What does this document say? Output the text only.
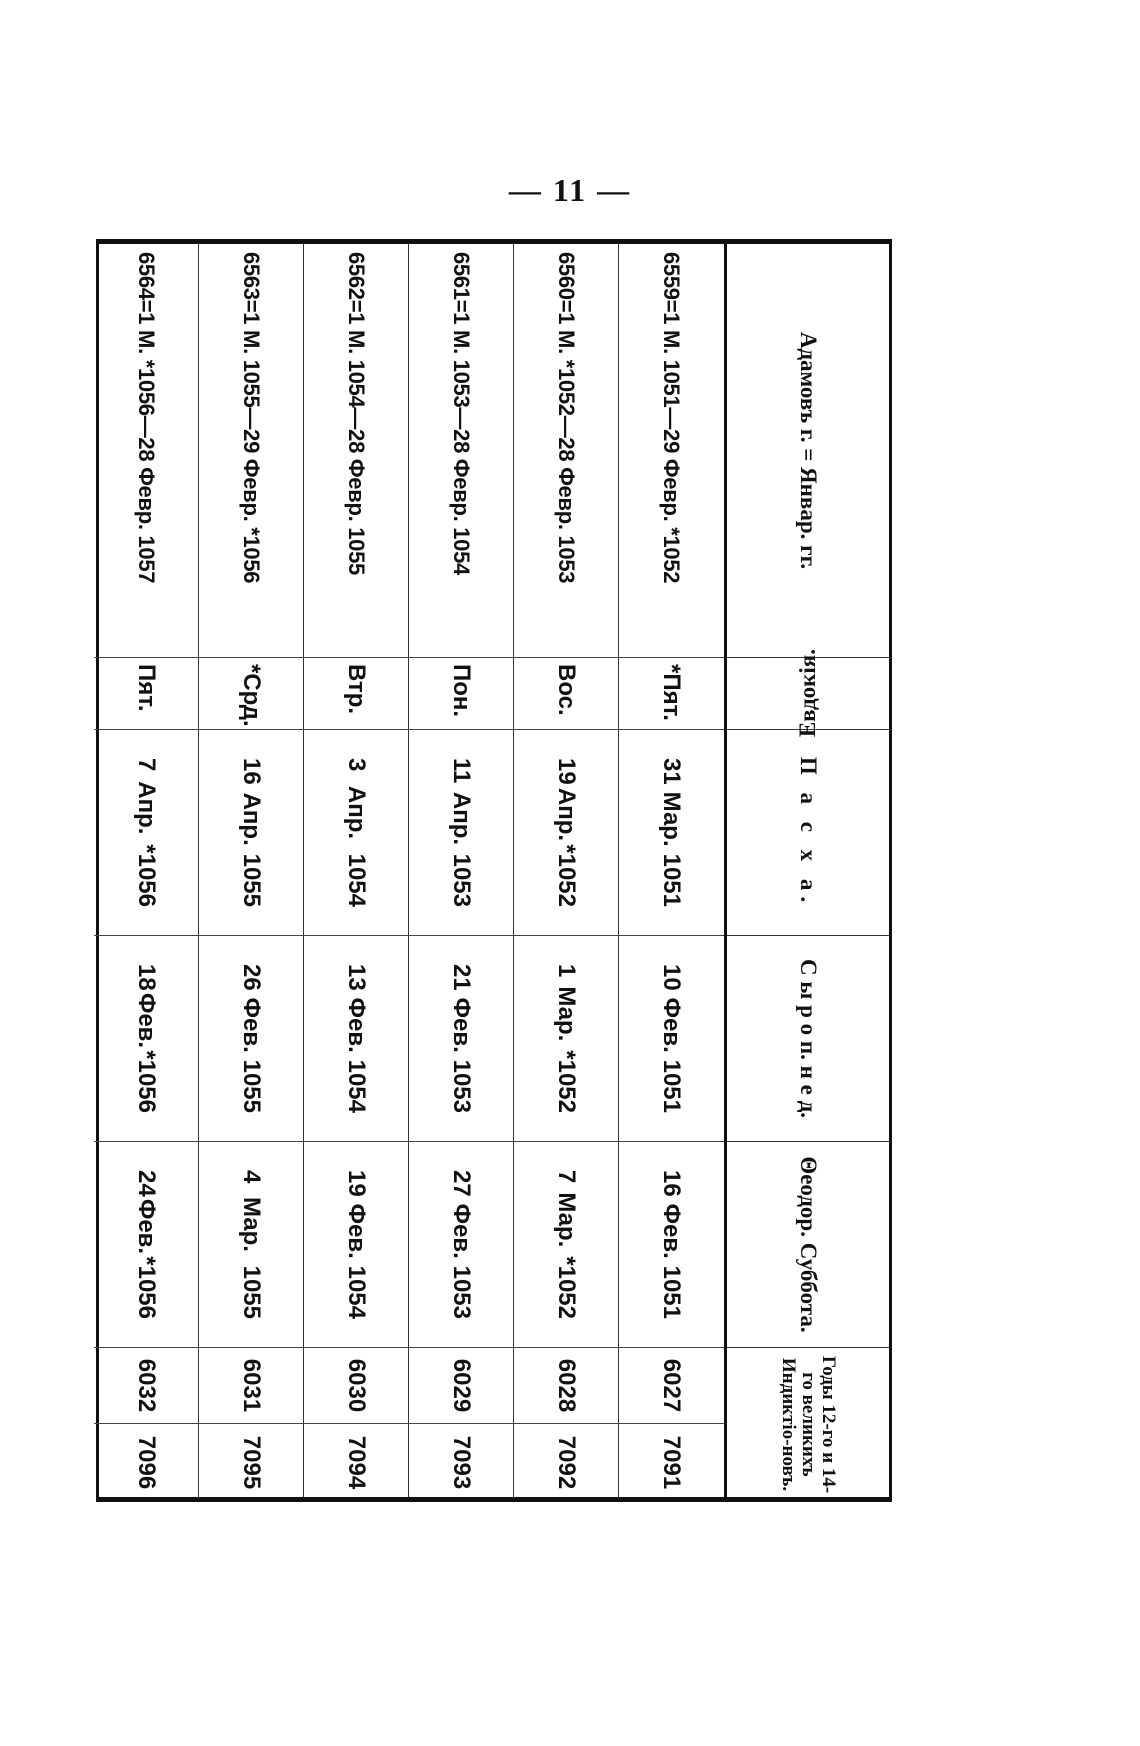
— 11 —
Адамовъ г. = Январ. гг.
Евдокiя.
П а с х а.
С ы р о п. н е д.
Θеодор. Суббота.
Годы 12-го и 14-го великихъ Индиктiо-новъ.
6559=1 М. 1051—29 Февр. *1052
*Пят.
31
Мар.
1051
10
Фев.
1051
16
Фев.
1051
6027
7091
6560=1 М. *1052—28 Февр. 1053
Вос.
19
Апр.
*1052
1
Мар.
*1052
7
Мар.
*1052
6028
7092
6561=1 М. 1053—28 Февр. 1054
Пон.
11
Апр.
1053
21
Фев.
1053
27
Фев.
1053
6029
7093
6562=1 М. 1054—28 Февр. 1055
Втр.
3
Апр.
1054
13
Фев.
1054
19
Фев.
1054
6030
7094
6563=1 М. 1055—29 Февр. *1056
*Срд.
16
Апр.
1055
26
Фев.
1055
4
Мар.
1055
6031
7095
6564=1 М. *1056—28 Февр. 1057
Пят.
7
Апр.
*1056
18
Фев.
*1056
24
Фев.
*1056
6032
7096
